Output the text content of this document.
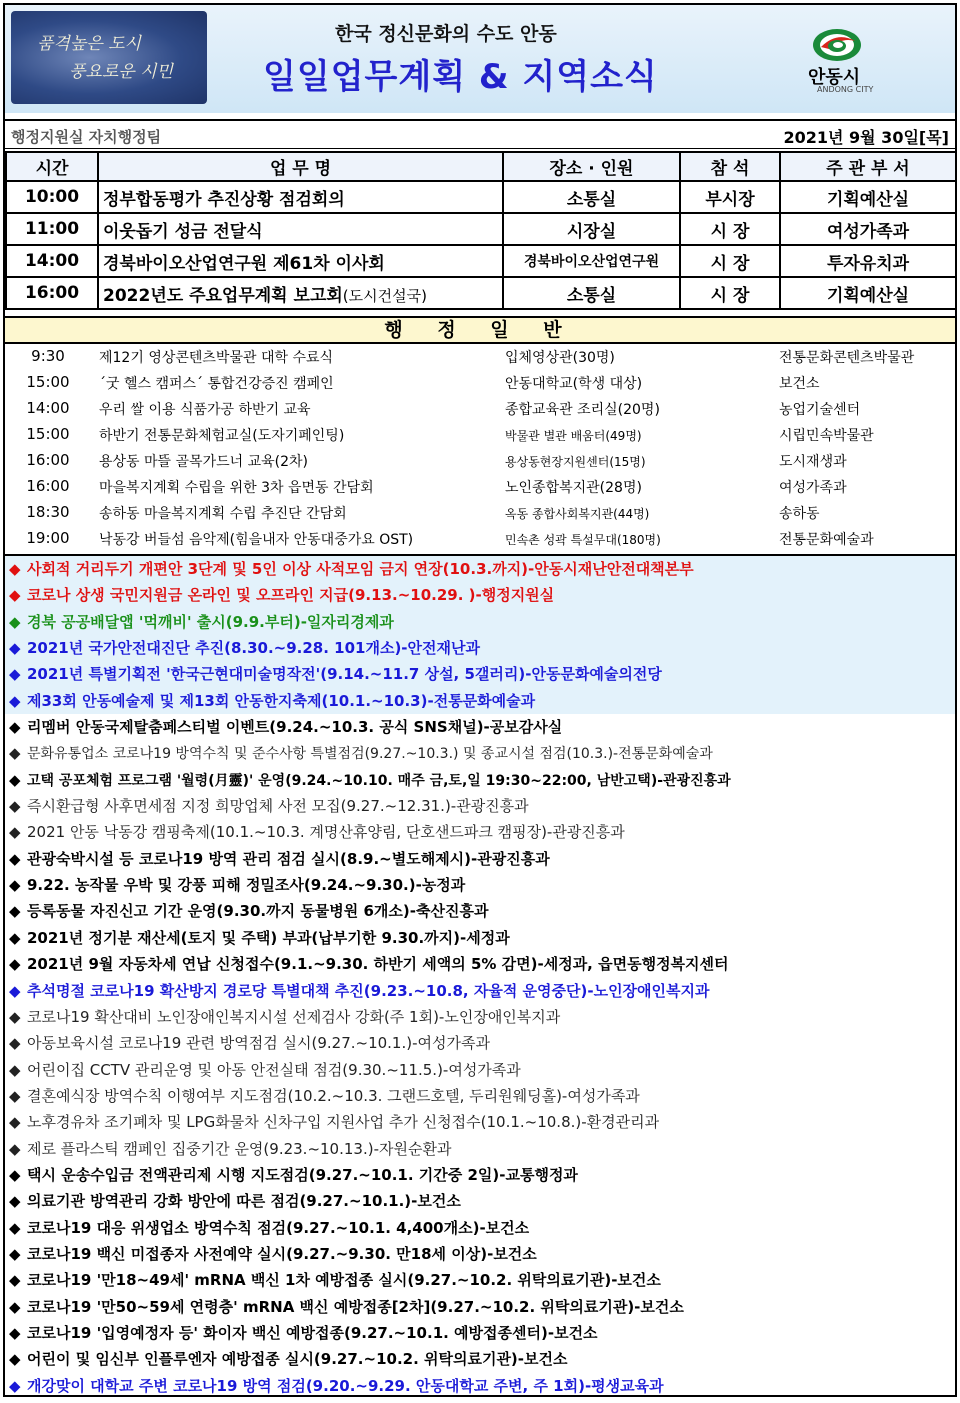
품격높은 도시
풍요로운 시민
한국 정신문화의 수도 안동
일일업무계획 & 지역소식	안동시
ANDONG CITY
행정지원실 자치행정팀	2021년 9월 30일[목]
시간	업 무 명	장소 · 인원	참 석	주 관 부 서
10:00	정부합동평가 추진상황 점검회의	소통실	부시장	기획예산실
11:00	이웃돕기 성금 전달식	시장실	시 장	여성가족과
14:00	경북바이오산업연구원 제61차 이사회	경북바이오산업연구원	시 장	투자유치과
16:00	2022년도 주요업무계획 보고회(도시건설국)	소통실	시 장	기획예산실
행 정 일 반
9:30	제12기 영상콘텐츠박물관 대학 수료식	입체영상관(30명)	전통문화콘텐츠박물관
15:00	´굿 헬스 캠퍼스´ 통합건강증진 캠페인	안동대학교(학생 대상)	보건소
14:00	우리 쌀 이용 식품가공 하반기 교육	종합교육관 조리실(20명)	농업기술센터
15:00	하반기 전통문화체험교실(도자기페인팅)	박물관 별관 배움터(49명)	시립민속박물관
16:00	용상동 마뜰 골목가드너 교육(2차)	용상동현장지원센터(15명)	도시재생과
16:00	마을복지계획 수립을 위한 3차 읍면동 간담회	노인종합복지관(28명)	여성가족과
18:30	송하동 마을복지계획 수립 추진단 간담회	옥동 종합사회복지관(44명)	송하동
19:00	낙동강 버들섬 음악제(힘을내자 안동대중가요 OST)	민속촌 성곽 특설무대(180명)	전통문화예술과
◆ 사회적 거리두기 개편안 3단계 및 5인 이상 사적모임 금지 연장(10.3.까지)-안동시재난안전대책본부
◆ 코로나 상생 국민지원금 온라인 및 오프라인 지급(9.13.~10.29. )-행정지원실
◆ 경북 공공배달앱 '먹깨비' 출시(9.9.부터)-일자리경제과
◆ 2021년 국가안전대진단 추진(8.30.~9.28. 101개소)-안전재난과
◆ 2021년 특별기획전 '한국근현대미술명작전'(9.14.~11.7 상설, 5갤러리)-안동문화예술의전당
◆ 제33회 안동예술제 및 제13회 안동한지축제(10.1.~10.3)-전통문화예술과
◆ 리멤버 안동국제탈춤페스티벌 이벤트(9.24.~10.3. 공식 SNS채널)-공보감사실
◆ 문화유통업소 코로나19 방역수칙 및 준수사항 특별점검(9.27.~10.3.) 및 종교시설 점검(10.3.)-전통문화예술과
◆ 고택 공포체험 프로그램 '월령(月靈)' 운영(9.24.~10.10. 매주 금,토,일 19:30~22:00, 남반고택)-관광진흥과
◆ 즉시환급형 사후면세점 지정 희망업체 사전 모집(9.27.~12.31.)-관광진흥과
◆ 2021 안동 낙동강 캠핑축제(10.1.~10.3. 계명산휴양림, 단호샌드파크 캠핑장)-관광진흥과
◆ 관광숙박시설 등 코로나19 방역 관리 점검 실시(8.9.~별도해제시)-관광진흥과
◆ 9.22. 농작물 우박 및 강풍 피해 정밀조사(9.24.~9.30.)-농정과
◆ 등록동물 자진신고 기간 운영(9.30.까지 동물병원 6개소)-축산진흥과
◆ 2021년 정기분 재산세(토지 및 주택) 부과(납부기한 9.30.까지)-세정과
◆ 2021년 9월 자동차세 연납 신청접수(9.1.~9.30. 하반기 세액의 5% 감면)-세정과, 읍면동행정복지센터
◆ 추석명절 코로나19 확산방지 경로당 특별대책 추진(9.23.~10.8, 자율적 운영중단)-노인장애인복지과
◆ 코로나19 확산대비 노인장애인복지시설 선제검사 강화(주 1회)-노인장애인복지과
◆ 아동보육시설 코로나19 관련 방역점검 실시(9.27.~10.1.)-여성가족과
◆ 어린이집 CCTV 관리운영 및 아동 안전실태 점검(9.30.~11.5.)-여성가족과
◆ 결혼예식장 방역수칙 이행여부 지도점검(10.2.~10.3. 그랜드호텔, 두리원웨딩홀)-여성가족과
◆ 노후경유차 조기폐차 및 LPG화물차 신차구입 지원사업 추가 신청접수(10.1.~10.8.)-환경관리과
◆ 제로 플라스틱 캠페인 집중기간 운영(9.23.~10.13.)-자원순환과
◆ 택시 운송수입금 전액관리제 시행 지도점검(9.27.~10.1. 기간중 2일)-교통행정과
◆ 의료기관 방역관리 강화 방안에 따른 점검(9.27.~10.1.)-보건소
◆ 코로나19 대응 위생업소 방역수칙 점검(9.27.~10.1. 4,400개소)-보건소
◆ 코로나19 백신 미접종자 사전예약 실시(9.27.~9.30. 만18세 이상)-보건소
◆ 코로나19 '만18~49세' mRNA 백신 1차 예방접종 실시(9.27.~10.2. 위탁의료기관)-보건소
◆ 코로나19 '만50~59세 연령층' mRNA 백신 예방접종[2차](9.27.~10.2. 위탁의료기관)-보건소
◆ 코로나19 '입영예정자 등' 화이자 백신 예방접종(9.27.~10.1. 예방접종센터)-보건소
◆ 어린이 및 임신부 인플루엔자 예방접종 실시(9.27.~10.2. 위탁의료기관)-보건소
◆ 개강맞이 대학교 주변 코로나19 방역 점검(9.20.~9.29. 안동대학교 주변, 주 1회)-평생교육과
